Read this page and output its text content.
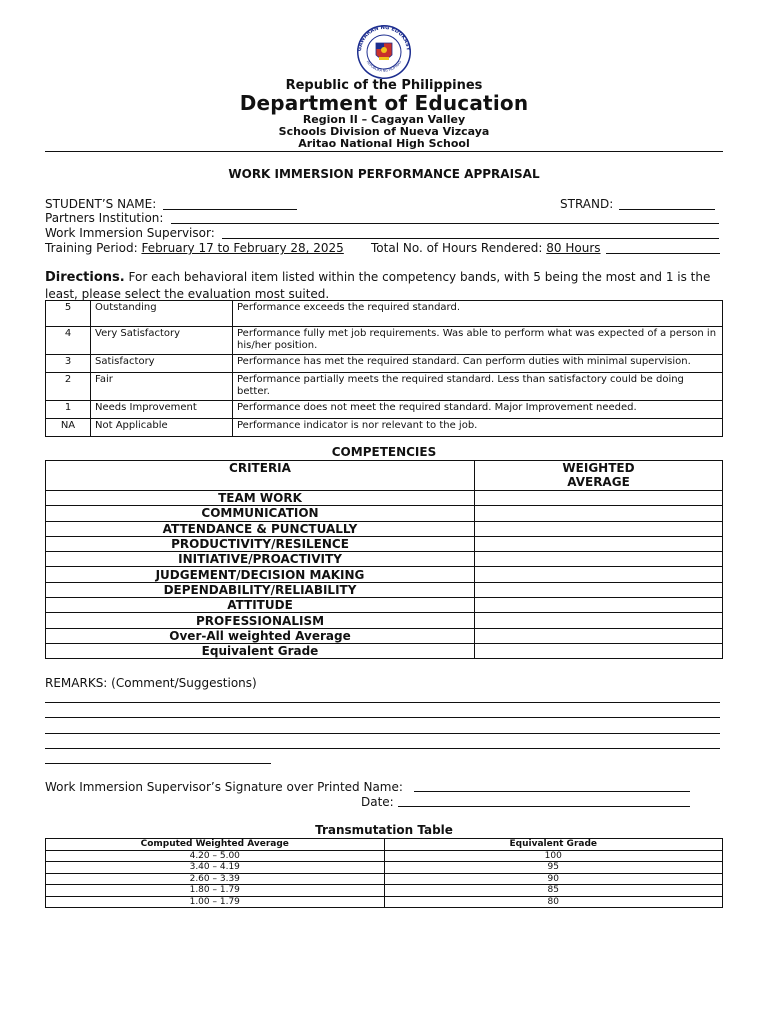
GAWARAN NG EDUKASY
REPUBLIKA NG PILIPINAS
Republic of the Philippines
Department of Education
Region II – Cagayan Valley
Schools Division of Nueva Vizcaya
Aritao National High School
WORK IMMERSION PERFORMANCE APPRAISAL
STUDENT’S NAME:	STRAND:
Partners Institution:
Work Immersion Supervisor:
Training Period: February 17 to February 28, 2025 Total No. of Hours Rendered: 80 Hours
Directions. For each behavioral item listed within the competency bands, with 5 being the most and 1 is the least, please select the evaluation most suited.
5	Outstanding	Performance exceeds the required standard.
4	Very Satisfactory	Performance fully met job requirements. Was able to perform what was expected of a person in his/her position.
3	Satisfactory	Performance has met the required standard. Can perform duties with minimal supervision.
2	Fair	Performance partially meets the required standard. Less than satisfactory could be doing better.
1	Needs Improvement	Performance does not meet the required standard. Major Improvement needed.
NA	Not Applicable	Performance indicator is nor relevant to the job.
COMPETENCIES
CRITERIA	WEIGHTED
AVERAGE

TEAM WORK	
COMMUNICATION	
ATTENDANCE & PUNCTUALLY	
PRODUCTIVITY/RESILENCE	
INITIATIVE/PROACTIVITY	
JUDGEMENT/DECISION MAKING	
DEPENDABILITY/RELIABILITY	
ATTITUDE	
PROFESSIONALISM	
Over-All weighted Average	
Equivalent Grade	
REMARKS: (Comment/Suggestions)
Work Immersion Supervisor’s Signature over Printed Name:
Date:
Transmutation Table
Computed Weighted Average	Equivalent Grade
4.20 – 5.00	100
3.40 – 4.19	95
2.60 – 3.39	90
1.80 – 1.79	85
1.00 – 1.79	80
